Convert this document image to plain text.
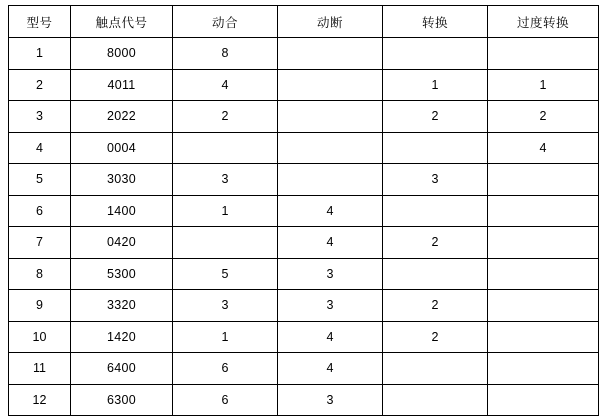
型号	触点代号	动合	动断	转换	过度转换
1	8000	8			
2	4011	4		1	1
3	2022	2		2	2
4	0004				4
5	3030	3		3	
6	1400	1	4		
7	0420		4	2	
8	5300	5	3		
9	3320	3	3	2	
10	1420	1	4	2	
11	6400	6	4		
12	6300	6	3		
